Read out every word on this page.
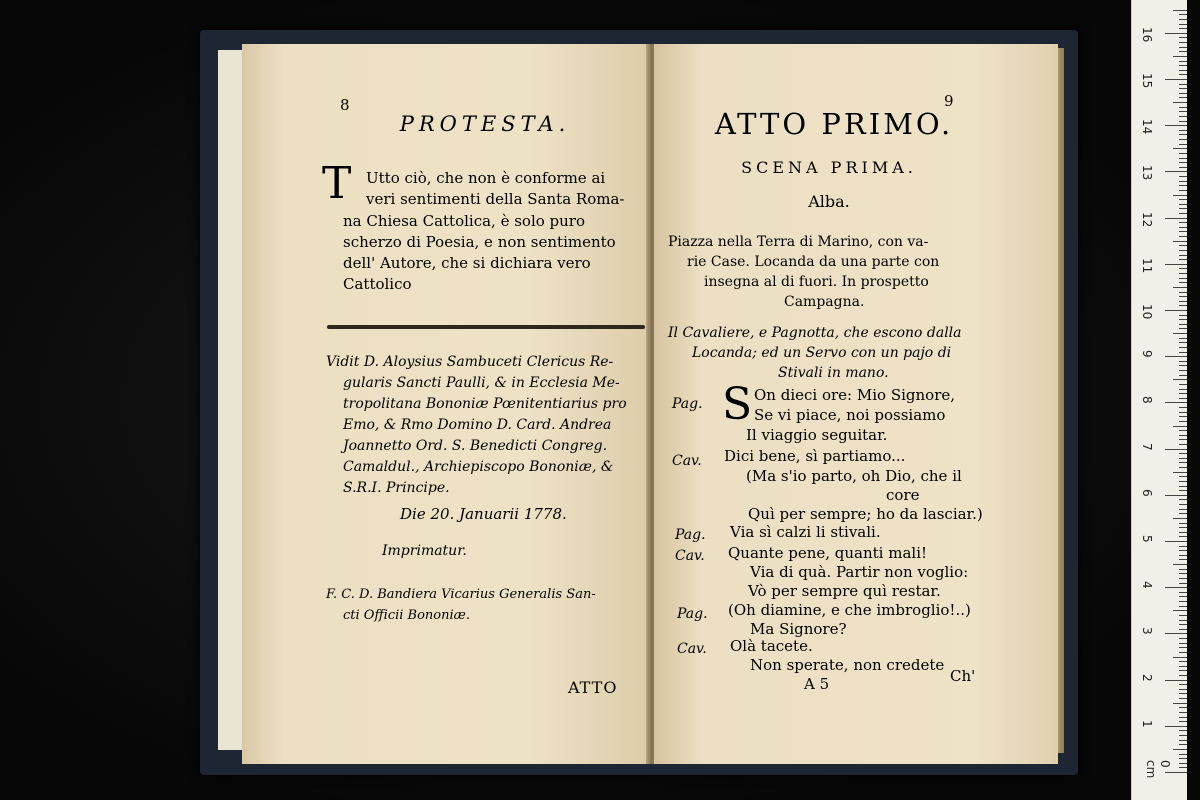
8
PROTESTA.
T Utto ciò, che non è conforme ai
veri sentimenti della Santa Roma-
na Chiesa Cattolica, è solo puro
scherzo di Poesia, e non sentimento
dell' Autore, che si dichiara vero
Cattolico
Vidit D. Aloysius Sambuceti Clericus Re-
gularis Sancti Paulli, & in Ecclesia Me-
tropolitana Bononiæ Pœnitentiarius pro
Emo, & Rmo Domino D. Card. Andrea
Joannetto Ord. S. Benedicti Congreg.
Camaldul., Archiepiscopo Bononiæ, &
S.R.I. Principe.
Die 20. Januarii 1778.
Imprimatur.
F. C. D. Bandiera Vicarius Generalis San-
cti Officii Bononiæ.
ATTO
9
ATTO PRIMO.
SCENA PRIMA.
Alba.
Piazza nella Terra di Marino, con va-
rie Case. Locanda da una parte con
insegna al di fuori. In prospetto
Campagna.
Il Cavaliere, e Pagnotta, che escono dalla
Locanda; ed un Servo con un pajo di
Stivali in mano.
S
Pag.	On dieci ore: Mio Signore,
Se vi piace, noi possiamo
Il viaggio seguitar.
Cav. Dici bene, sì partiamo...
(Ma s'io parto, oh Dio, che il
core
Quì per sempre; ho da lasciar.)
Pag. Via sì calzi li stivali.
Cav. Quante pene, quanti mali!
Via di quà. Partir non voglio:
Vò per sempre quì restar.
Pag. (Oh diamine, e che imbroglio!..)
Ma Signore?
Cav. Olà tacete.
Non sperate, non credete
A 5	Ch'
0 cm
1
2
3
4
5
6
7
8
9
10
11
12
13
14
15
16
